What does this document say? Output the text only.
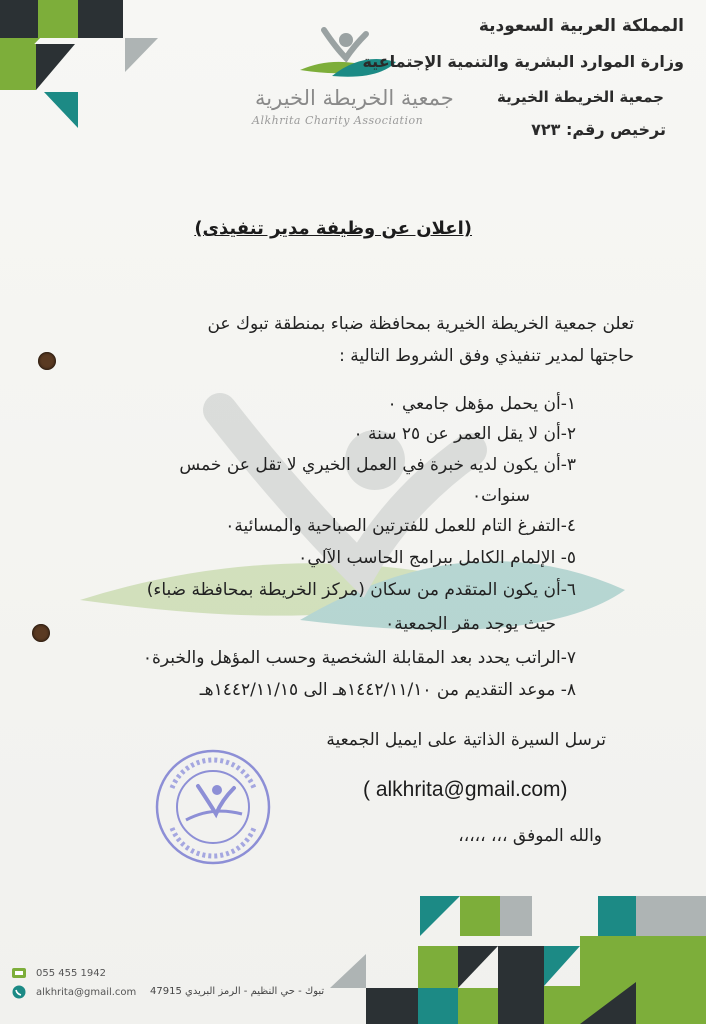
جمعية الخريطة الخيرية
Alkhrita Charity Association
المملكة العربية السعودية
وزارة الموارد البشرية والتنمية الإجتماعية
جمعية الخريطة الخيرية
ترخيص رقم: ٧٢٣
(اعلان عن وظيفة مدير تنفيذى)
تعلن جمعية الخريطة الخيرية بمحافظة ضباء بمنطقة تبوك عن
حاجتها لمدير تنفيذي وفق الشروط التالية :
١-أن يحمل مؤهل جامعي ٠
٢-أن لا يقل العمر عن ٢٥ سنة ٠
٣-أن يكون لديه خبرة في العمل الخيري لا تقل عن خمس
سنوات٠
٤-التفرغ التام للعمل للفترتين الصباحية والمسائية٠
٥- الإلمام الكامل ببرامج الحاسب الآلي٠
٦-أن يكون المتقدم من سكان (مركز الخريطة بمحافظة ضباء)
حيث يوجد مقر الجمعية٠
٧-الراتب يحدد بعد المقابلة الشخصية وحسب المؤهل والخبرة٠
٨- موعد التقديم من ١٤٤٢/١١/١٠هـ الى ١٤٤٢/١١/١٥هـ
ترسل السيرة الذاتية على ايميل الجمعية
( alkhrita@gmail.com)
والله الموفق ،،، ،،،،،
055 455 1942
alkhrita@gmail.com تبوك - حي النظيم - الرمز البريدي 47915
